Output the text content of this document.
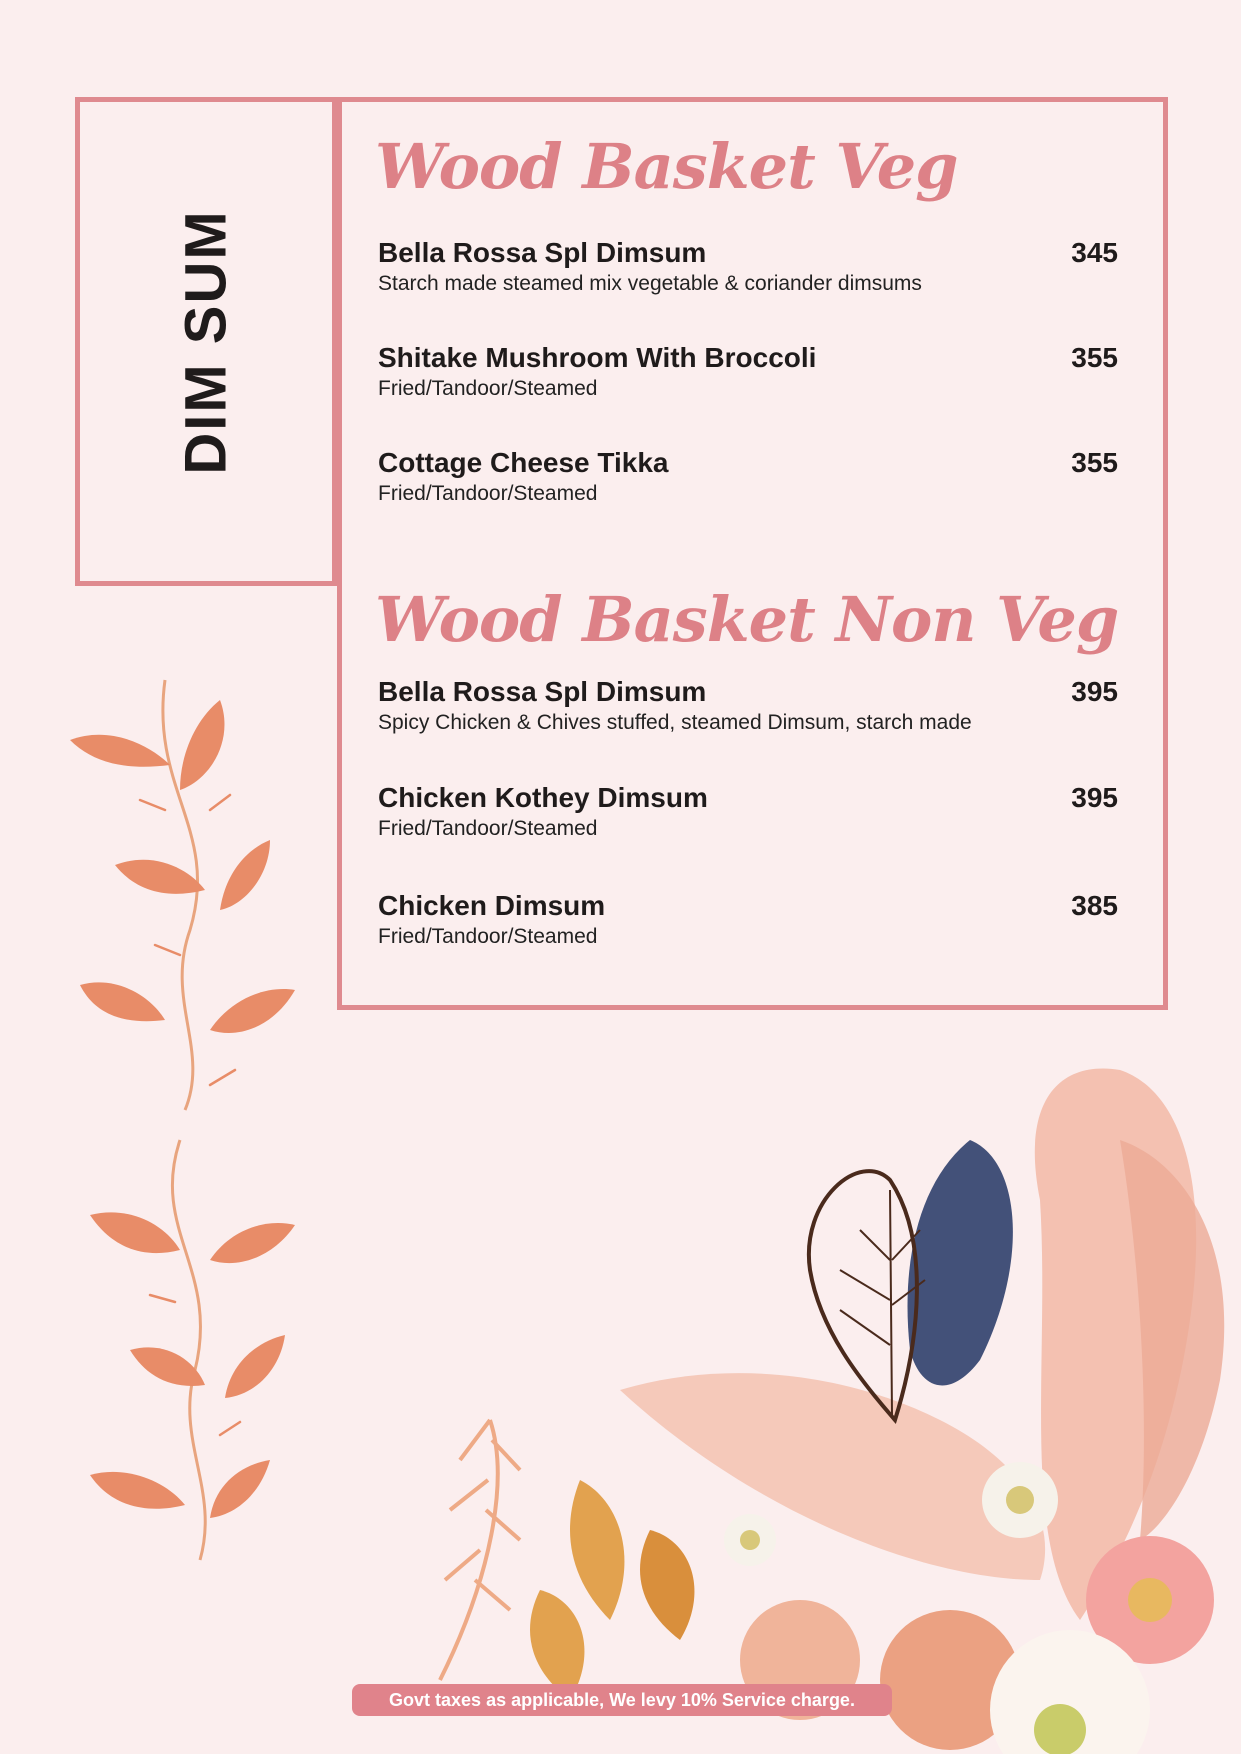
DIM SUM
Wood Basket Veg
Bella Rossa Spl Dimsum
Starch made steamed mix vegetable & coriander dimsums
345
Shitake Mushroom With Broccoli
Fried/Tandoor/Steamed
355
Cottage Cheese Tikka
Fried/Tandoor/Steamed
355
Wood Basket Non Veg
Bella Rossa Spl Dimsum
Spicy Chicken & Chives stuffed, steamed Dimsum, starch made
395
Chicken Kothey Dimsum
Fried/Tandoor/Steamed
395
Chicken Dimsum
Fried/Tandoor/Steamed
385
Govt taxes as applicable, We levy 10% Service charge.
